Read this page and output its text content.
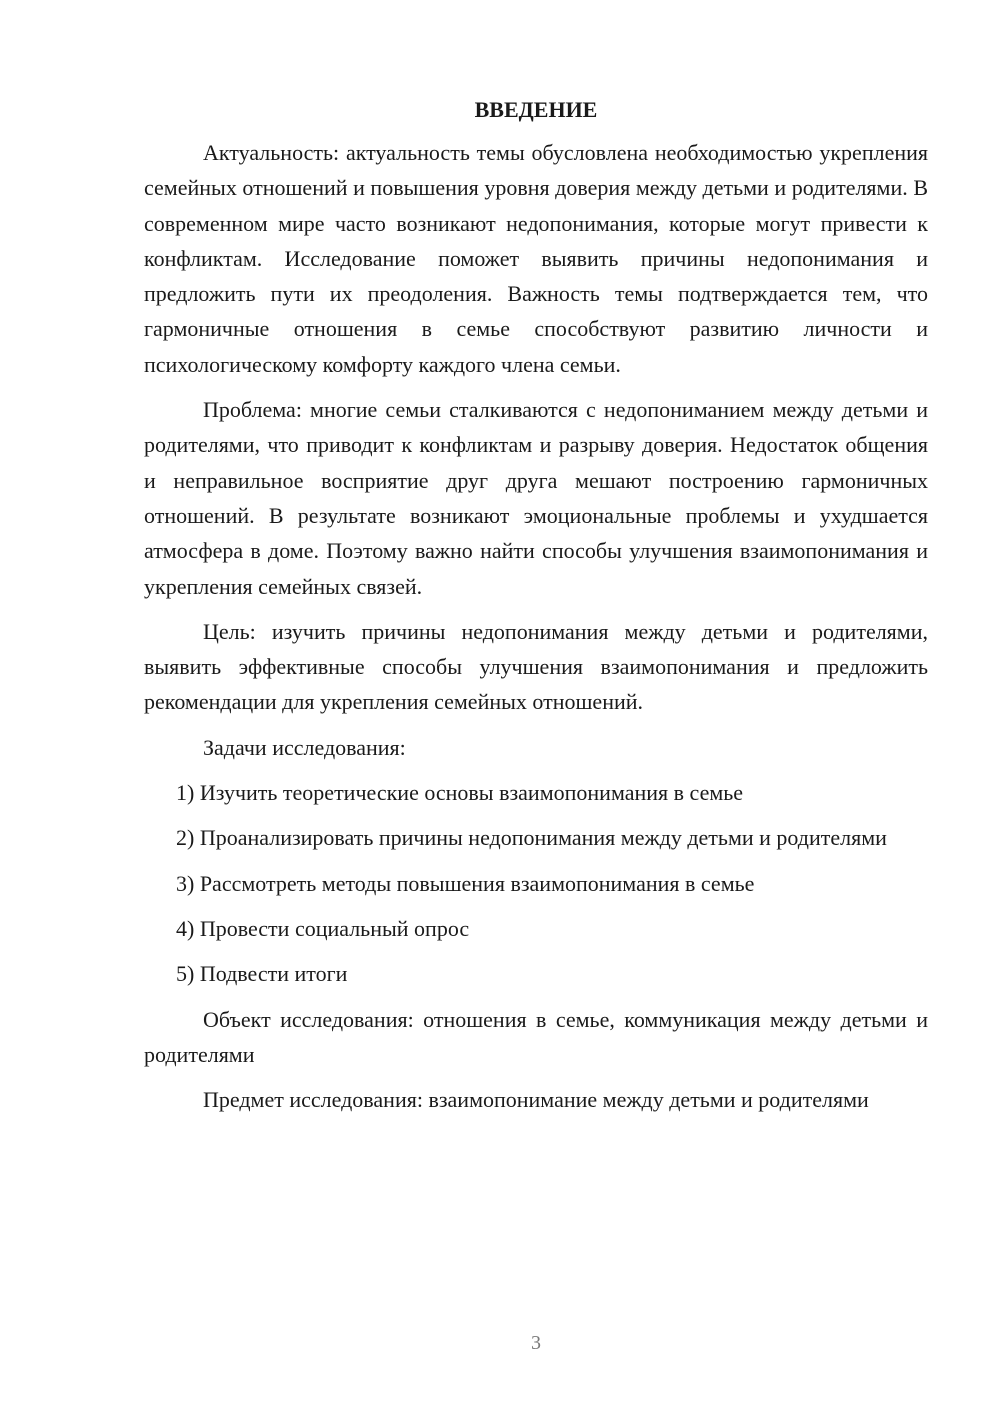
ВВЕДЕНИЕ

Актуальность: актуальность темы обусловлена необходимостью укрепления семейных отношений и повышения уровня доверия между детьми и родителями. В современном мире часто возникают недопонимания, которые могут привести к конфликтам. Исследование поможет выявить причины недопонимания и предложить пути их преодоления. Важность темы подтверждается тем, что гармоничные отношения в семье способствуют развитию личности и психологическому комфорту каждого члена семьи.

Проблема: многие семьи сталкиваются с недопониманием между детьми и родителями, что приводит к конфликтам и разрыву доверия. Недостаток общения и неправильное восприятие друг друга мешают построению гармоничных отношений. В результате возникают эмоциональные проблемы и ухудшается атмосфера в доме. Поэтому важно найти способы улучшения взаимопонимания и укрепления семейных связей.

Цель: изучить причины недопонимания между детьми и родителями, выявить эффективные способы улучшения взаимопонимания и предложить рекомендации для укрепления семейных отношений.

Задачи исследования:

1) Изучить теоретические основы взаимопонимания в семье

2) Проанализировать причины недопонимания между детьми и родителями

3) Рассмотреть методы повышения взаимопонимания в семье

4) Провести социальный опрос

5) Подвести итоги

Объект исследования: отношения в семье, коммуникация между детьми и родителями

Предмет исследования: взаимопонимание между детьми и родителями

3
